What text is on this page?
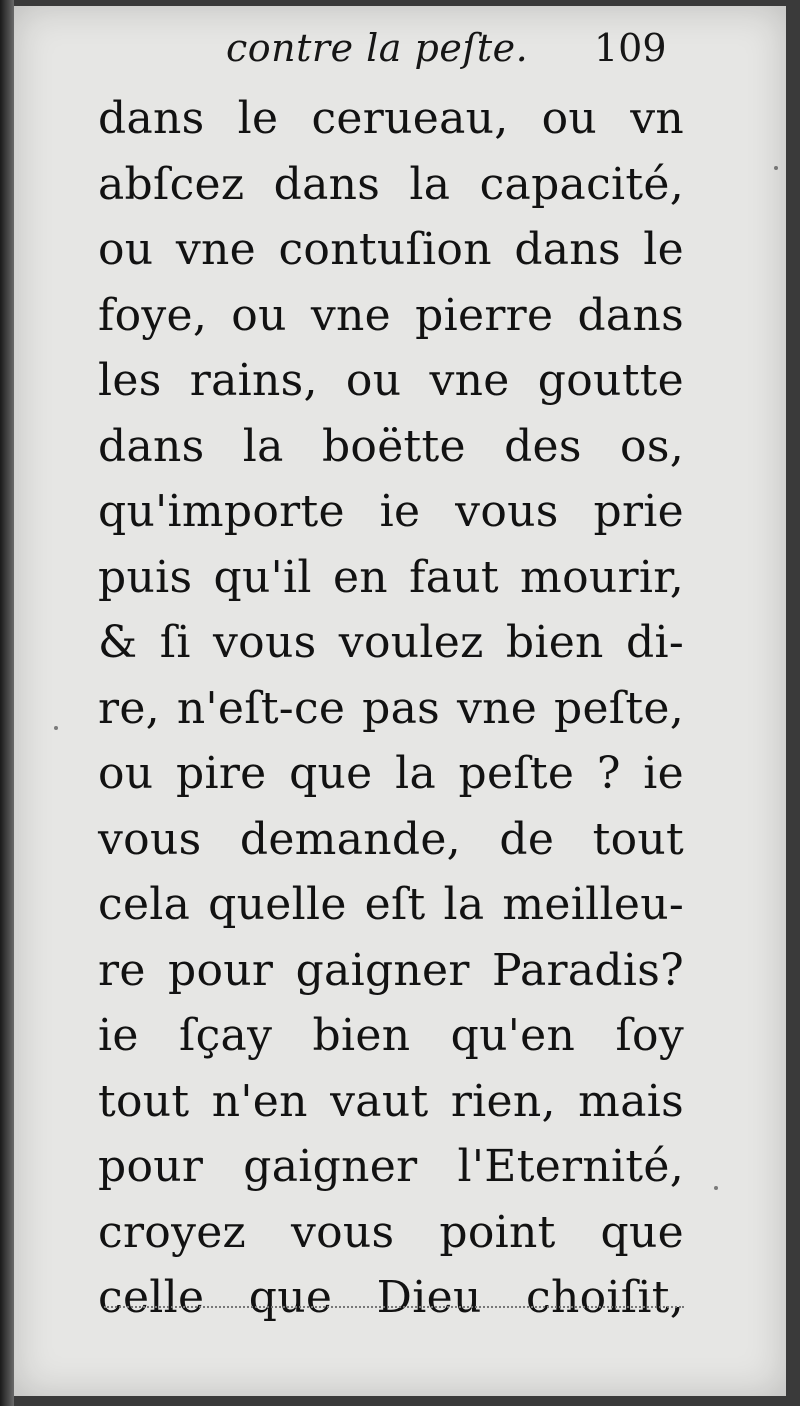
contre la peſte. 109
dans le cerueau, ou vn
abſcez dans la capacité,
ou vne contuſion dans le
foye, ou vne pierre dans
les rains, ou vne goutte
dans la boëtte des os,
qu'importe ie vous prie
puis qu'il en faut mourir,
& ſi vous voulez bien di-
re, n'eſt-ce pas vne peſte,
ou pire que la peſte ? ie
vous demande, de tout
cela quelle eſt la meilleu-
re pour gaigner Paradis?
ie ſçay bien qu'en ſoy
tout n'en vaut rien, mais
pour gaigner l'Eternité,
croyez vous point que
celle que Dieu choiſit,
